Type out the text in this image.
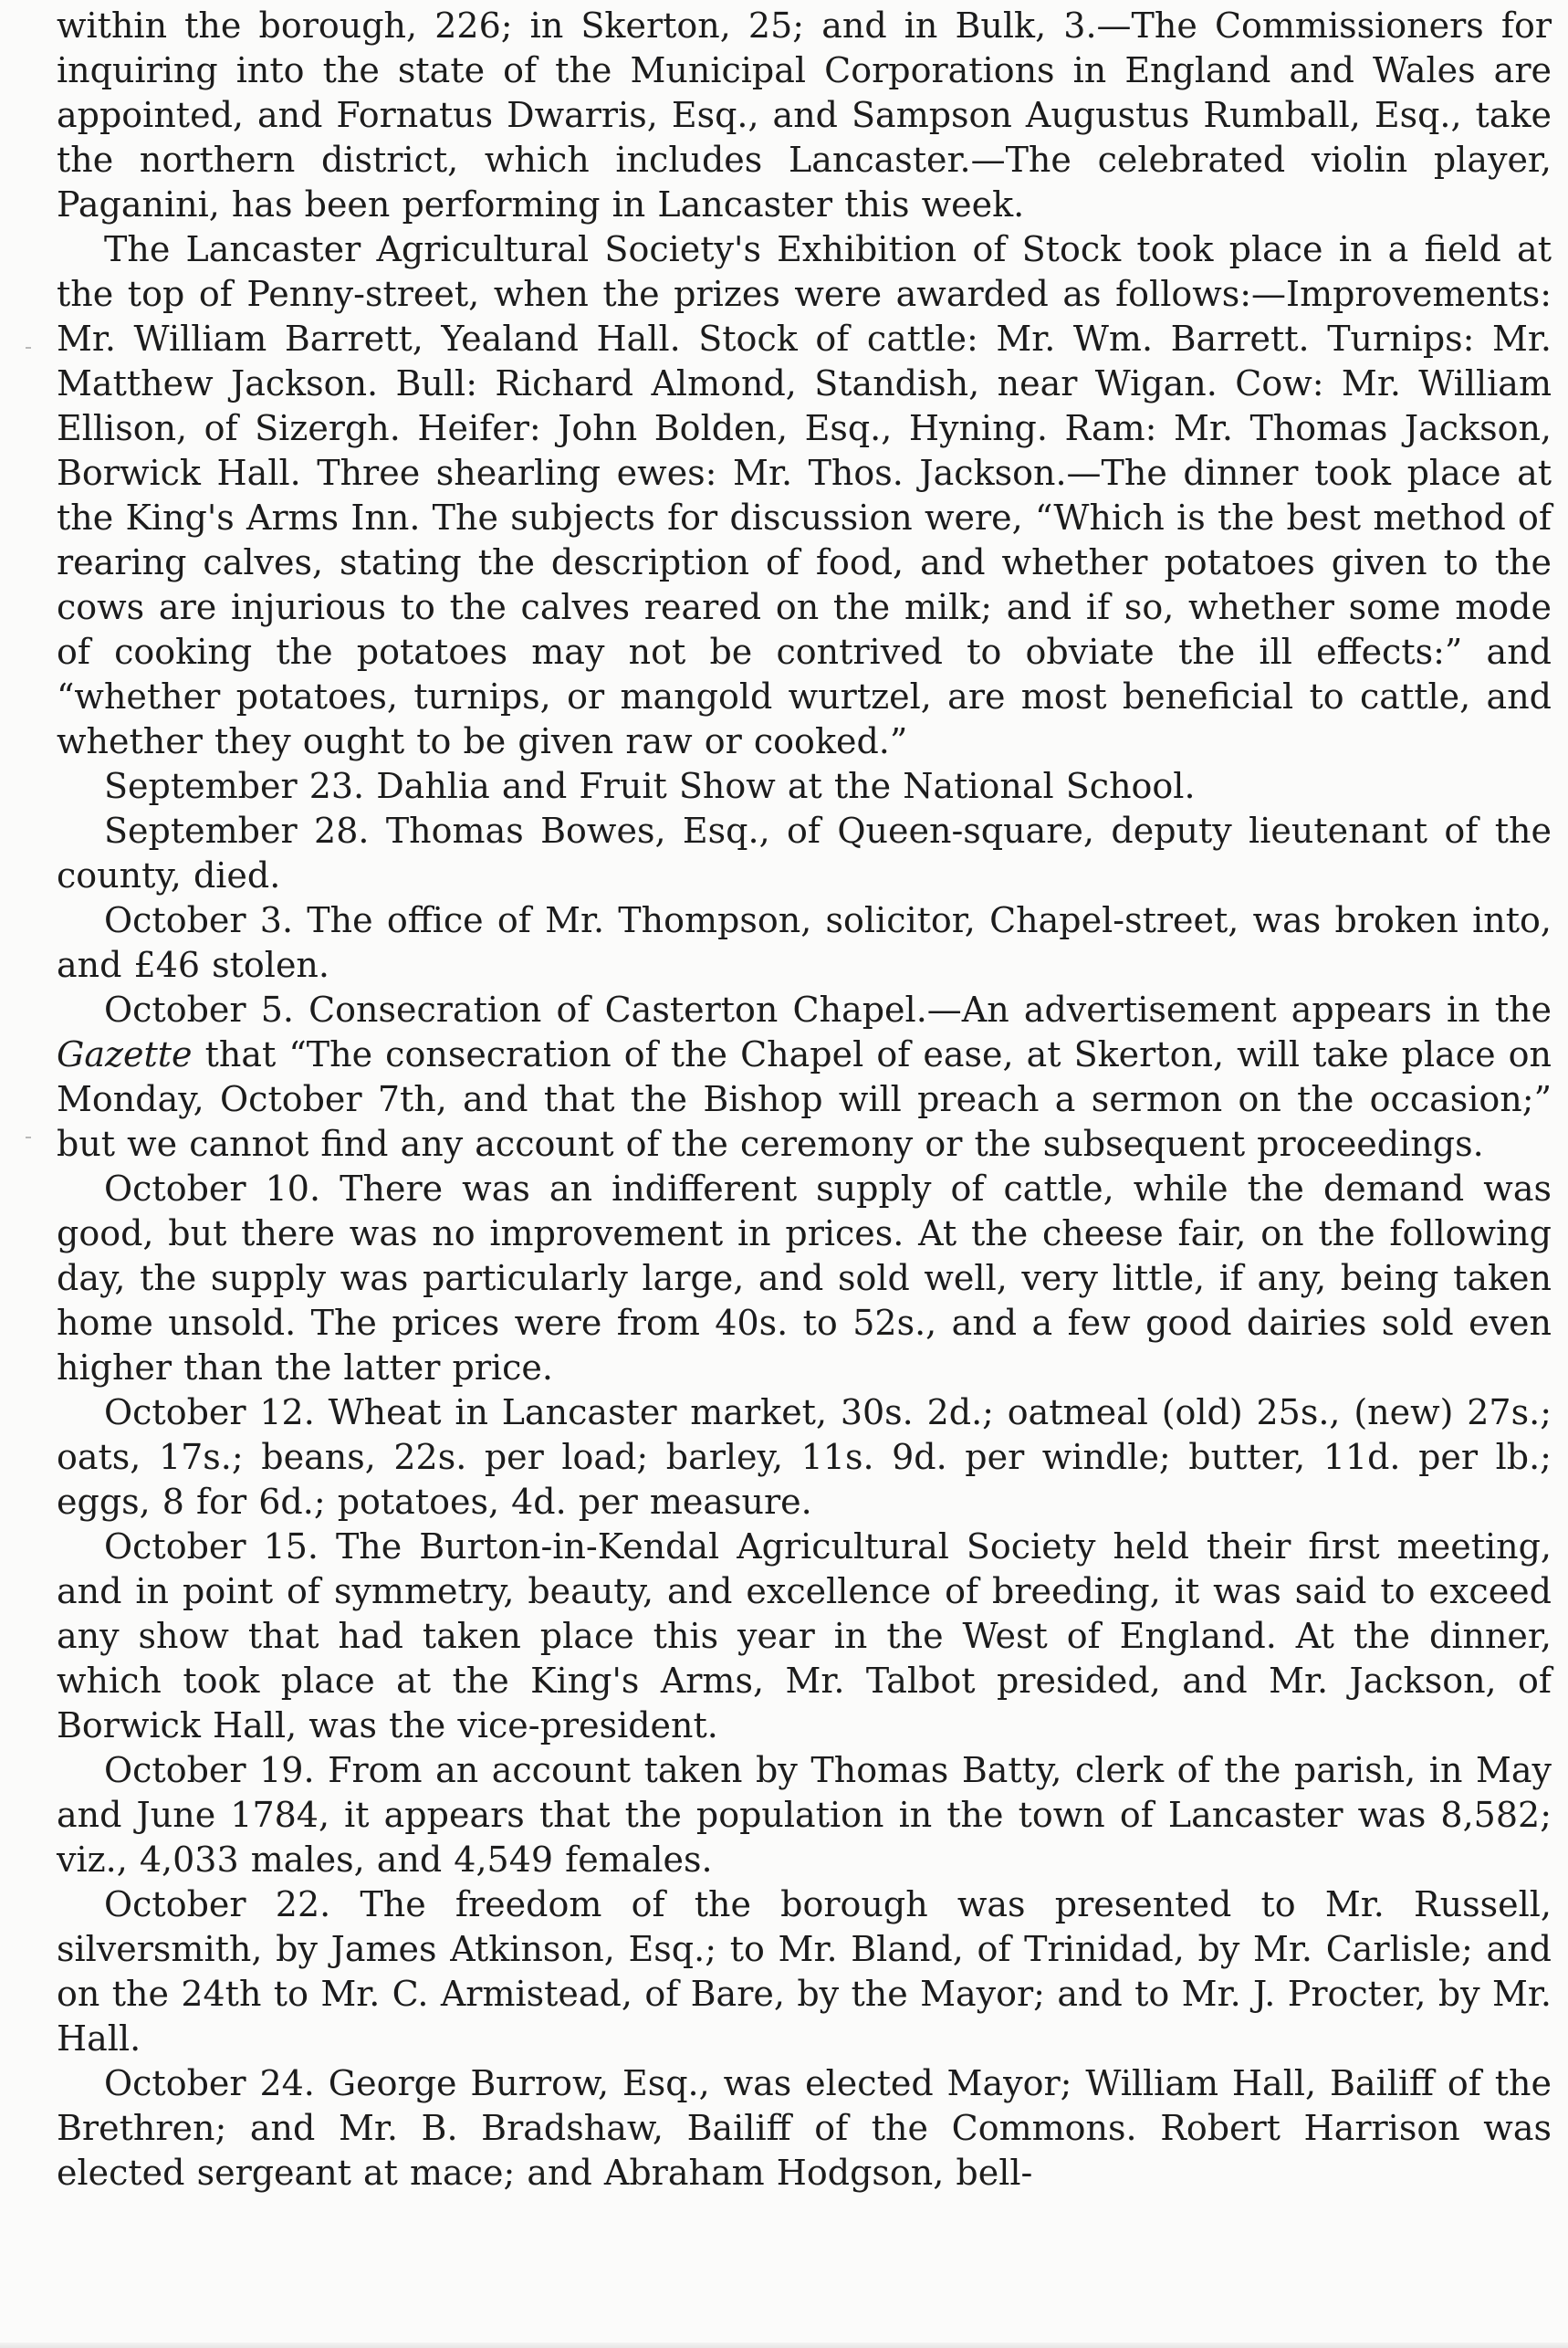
within the borough, 226; in Skerton, 25; and in Bulk, 3.—The Commissioners for inquiring into the state of the Municipal Corporations in England and Wales are appointed, and Fornatus Dwarris, Esq., and Sampson Augustus Rumball, Esq., take the northern district, which includes Lancaster.—The celebrated violin player, Paganini, has been performing in Lancaster this week.

The Lancaster Agricultural Society's Exhibition of Stock took place in a field at the top of Penny-street, when the prizes were awarded as follows:—Improvements: Mr. William Barrett, Yealand Hall. Stock of cattle: Mr. Wm. Barrett. Turnips: Mr. Matthew Jackson. Bull: Richard Almond, Standish, near Wigan. Cow: Mr. William Ellison, of Sizergh. Heifer: John Bolden, Esq., Hyning. Ram: Mr. Thomas Jackson, Borwick Hall. Three shearling ewes: Mr. Thos. Jackson.—The dinner took place at the King's Arms Inn. The subjects for discussion were, “Which is the best method of rearing calves, stating the description of food, and whether potatoes given to the cows are injurious to the calves reared on the milk; and if so, whether some mode of cooking the potatoes may not be contrived to obviate the ill effects:” and “whether potatoes, turnips, or mangold wurtzel, are most beneficial to cattle, and whether they ought to be given raw or cooked.”

September 23. Dahlia and Fruit Show at the National School.

September 28. Thomas Bowes, Esq., of Queen-square, deputy lieutenant of the county, died.

October 3. The office of Mr. Thompson, solicitor, Chapel-street, was broken into, and £46 stolen.

October 5. Consecration of Casterton Chapel.—An advertisement appears in the Gazette that “The consecration of the Chapel of ease, at Skerton, will take place on Monday, October 7th, and that the Bishop will preach a sermon on the occasion;” but we cannot find any account of the ceremony or the subsequent proceedings.

October 10. There was an indifferent supply of cattle, while the demand was good, but there was no improvement in prices. At the cheese fair, on the following day, the supply was particularly large, and sold well, very little, if any, being taken home unsold. The prices were from 40s. to 52s., and a few good dairies sold even higher than the latter price.

October 12. Wheat in Lancaster market, 30s. 2d.; oatmeal (old) 25s., (new) 27s.; oats, 17s.; beans, 22s. per load; barley, 11s. 9d. per windle; butter, 11d. per lb.; eggs, 8 for 6d.; potatoes, 4d. per measure.

October 15. The Burton-in-Kendal Agricultural Society held their first meeting, and in point of symmetry, beauty, and excellence of breeding, it was said to exceed any show that had taken place this year in the West of England. At the dinner, which took place at the King's Arms, Mr. Talbot presided, and Mr. Jackson, of Borwick Hall, was the vice-president.

October 19. From an account taken by Thomas Batty, clerk of the parish, in May and June 1784, it appears that the population in the town of Lancaster was 8,582; viz., 4,033 males, and 4,549 females.

October 22. The freedom of the borough was presented to Mr. Russell, silversmith, by James Atkinson, Esq.; to Mr. Bland, of Trinidad, by Mr. Carlisle; and on the 24th to Mr. C. Armistead, of Bare, by the Mayor; and to Mr. J. Procter, by Mr. Hall.

October 24. George Burrow, Esq., was elected Mayor; William Hall, Bailiff of the Brethren; and Mr. B. Bradshaw, Bailiff of the Commons. Robert Harrison was elected sergeant at mace; and Abraham Hodgson, bell-
